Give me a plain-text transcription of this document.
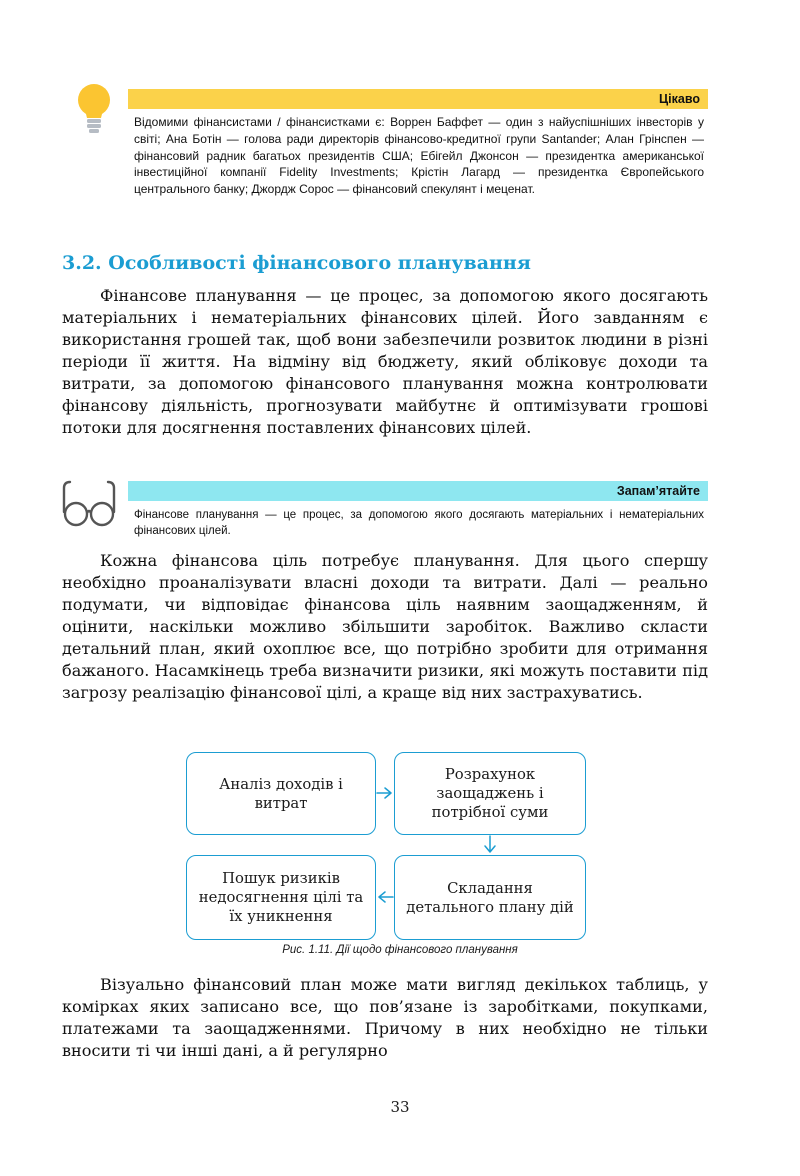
Цікаво
Відомими фінансистами / фінансистками є: Воррен Баффет — один з найуспішніших інвесторів у світі; Ана Ботін — голова ради директорів фінансово-кредитної групи Santander; Алан Грінспен — фінансовий радник багатьох президентів США; Ебігейл Джонсон — президентка американської інвестиційної компанії Fidelity Investments; Крістін Лагард — президентка Європейського центрального банку; Джордж Сорос — фінансовий спекулянт і меценат.
3.2. Особливості фінансового планування

Фінансове планування — це процес, за допомогою якого досягають матеріальних і нематеріальних фінансових цілей. Його завданням є використання грошей так, щоб вони забезпечили розвиток людини в різні періоди її життя. На відміну від бюджету, який обліковує доходи та витрати, за допомогою фінансового планування можна контролювати фінансову діяльність, прогнозувати майбутнє й оптимізувати грошові потоки для досягнення поставлених фінансових цілей.

Запам’ятайте
Фінансове планування — це процес, за допомогою якого досягають матеріальних і нематеріальних фінансових цілей.

Кожна фінансова ціль потребує планування. Для цього спершу необхідно проаналізувати власні доходи та витрати. Далі — реально подумати, чи відповідає фінансова ціль наявним заощадженням, й оцінити, наскільки можливо збільшити заробіток. Важливо скласти детальний план, який охоплює все, що потрібно зробити для отримання бажаного. Насамкінець треба визначити ризики, які можуть поставити під загрозу реалізацію фінансової цілі, а краще від них застрахуватись.

Аналіз доходів і витрат
Розрахунок заощаджень і потрібної суми
Складання детального плану дій
Пошук ризиків недосягнення цілі та їх уникнення
Рис. 1.11. Дії щодо фінансового планування

Візуально фінансовий план може мати вигляд декількох таблиць, у комірках яких записано все, що пов’язане із заробітками, покупками, платежами та заощадженнями. Причому в них необхідно не тільки вносити ті чи інші дані, а й регулярно

33
